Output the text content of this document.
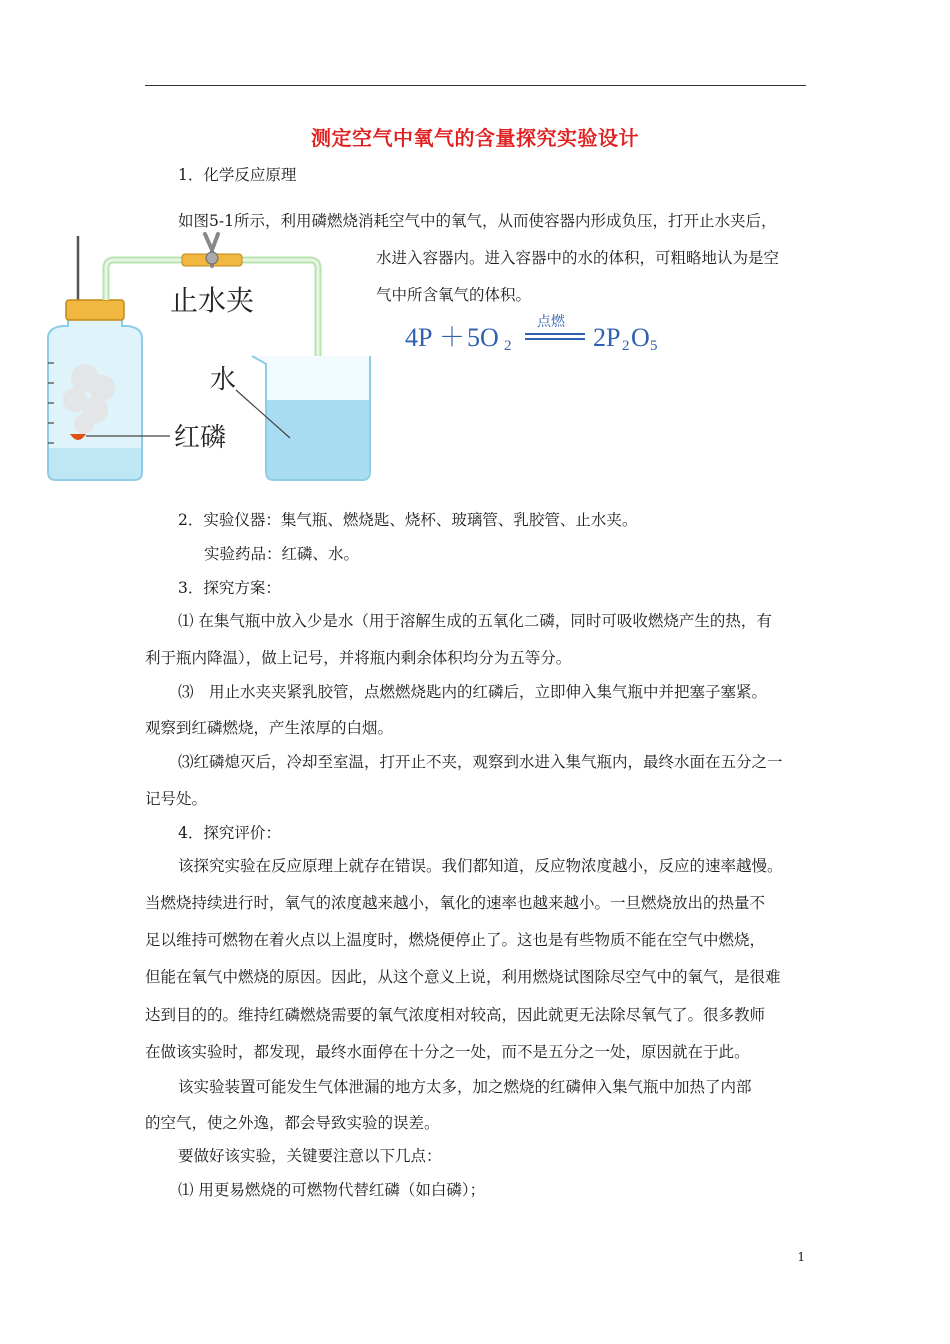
测定空气中氧气的含量探究实验设计
1．化学反应原理
如图5-1所示，利用磷燃烧消耗空气中的氧气，从而使容器内形成负压，打开止水夹后，
水进入容器内。进入容器中的水的体积，可粗略地认为是空
气中所含氧气的体积。
止水夹
水
红磷
4P ＋ 5O 2
点燃
2P 2 O 5
2．实验仪器：集气瓶、燃烧匙、烧杯、玻璃管、乳胶管、止水夹。
实验药品：红磷、水。
3．探究方案：
⑴ 在集气瓶中放入少是水（用于溶解生成的五氧化二磷，同时可吸收燃烧产生的热，有
利于瓶内降温），做上记号，并将瓶内剩余体积均分为五等分。
⑶　用止水夹夹紧乳胶管，点燃燃烧匙内的红磷后，立即伸入集气瓶中并把塞子塞紧。
观察到红磷燃烧，产生浓厚的白烟。
⑶红磷熄灭后，冷却至室温，打开止不夹，观察到水进入集气瓶内，最终水面在五分之一
记号处。
4．探究评价：
该探究实验在反应原理上就存在错误。我们都知道，反应物浓度越小，反应的速率越慢。
当燃烧持续进行时，氧气的浓度越来越小，氧化的速率也越来越小。一旦燃烧放出的热量不
足以维持可燃物在着火点以上温度时，燃烧便停止了。这也是有些物质不能在空气中燃烧，
但能在氧气中燃烧的原因。因此，从这个意义上说，利用燃烧试图除尽空气中的氧气，是很难
达到目的的。维持红磷燃烧需要的氧气浓度相对较高，因此就更无法除尽氧气了。很多教师
在做该实验时，都发现，最终水面停在十分之一处，而不是五分之一处，原因就在于此。
该实验装置可能发生气体泄漏的地方太多，加之燃烧的红磷伸入集气瓶中加热了内部
的空气，使之外逸，都会导致实验的误差。
要做好该实验，关键要注意以下几点：
⑴ 用更易燃烧的可燃物代替红磷（如白磷）；
1
